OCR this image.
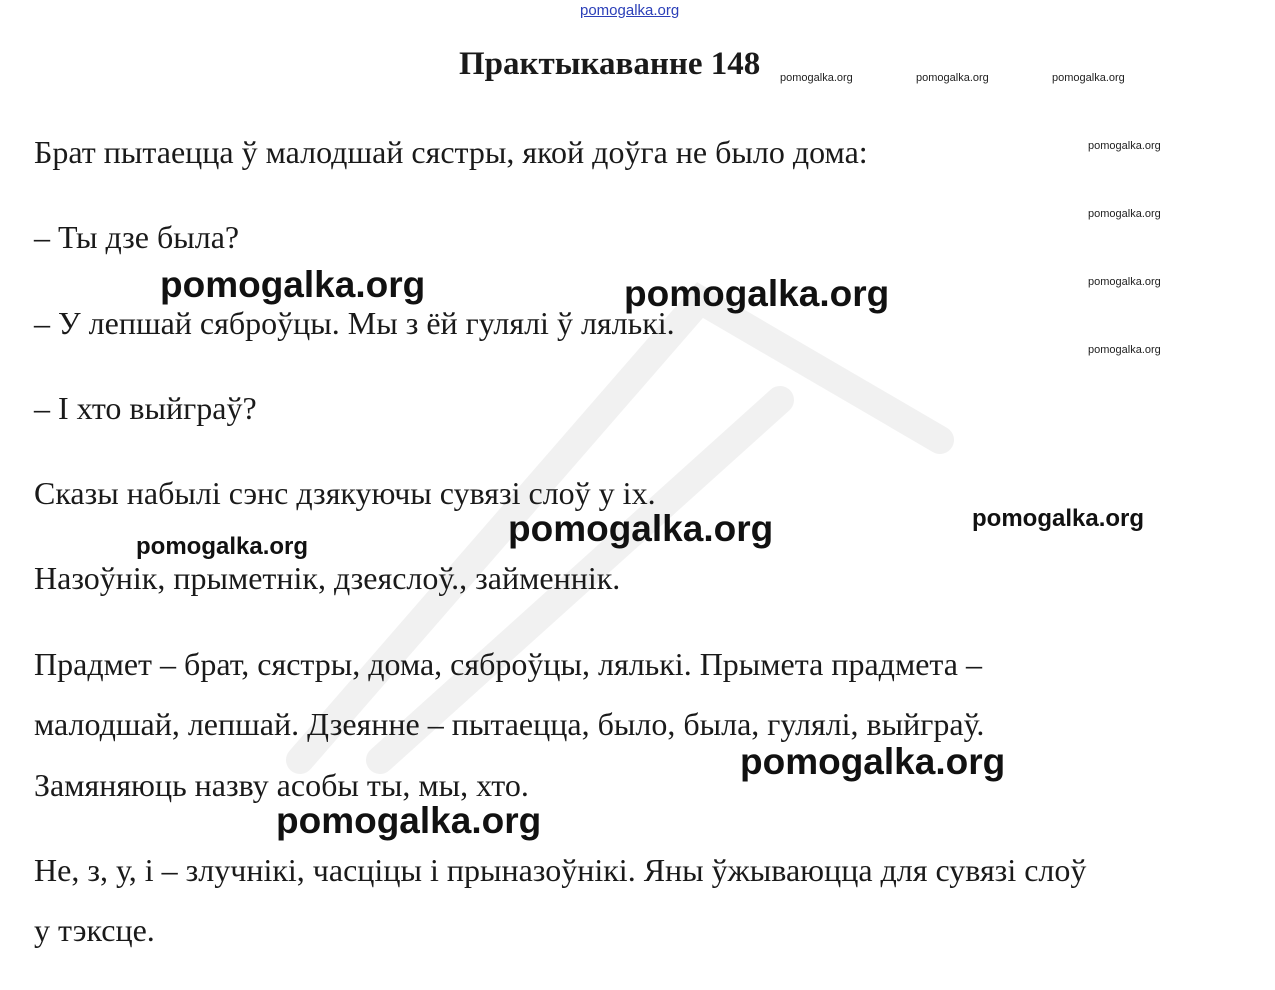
pomogalka.org
Практыкаванне 148 pomogalka.org	pomogalka.org	pomogalka.org
pomogalka.org
pomogalka.org
pomogalka.org
pomogalka.org
Брат пытаецца ў малодшай сястры, якой доўга не было дома:
– Ты дзе была?
– У лепшай сяброўцы. Мы з ёй гулялі ў лялькі.
– І хто выйграў?
Сказы набылі сэнс дзякуючы сувязі слоў у іх.
Назоўнік, прыметнік, дзеяслоў., займеннік.
Прадмет – брат, сястры, дома, сяброўцы, лялькі. Прымета прадмета –
малодшай, лепшай. Дзеянне – пытаецца, было, была, гулялі, выйграў.
Замяняюць назву асобы ты, мы, хто.
Не, з, у, і – злучнікі, часціцы і прыназоўнікі. Яны ўжываюцца для сувязі слоў
у тэксце.
pomogalka.org	pomogalka.org
pomogalka.org
pomogalka.org
pomogalka.org
pomogalka.org
pomogalka.org
